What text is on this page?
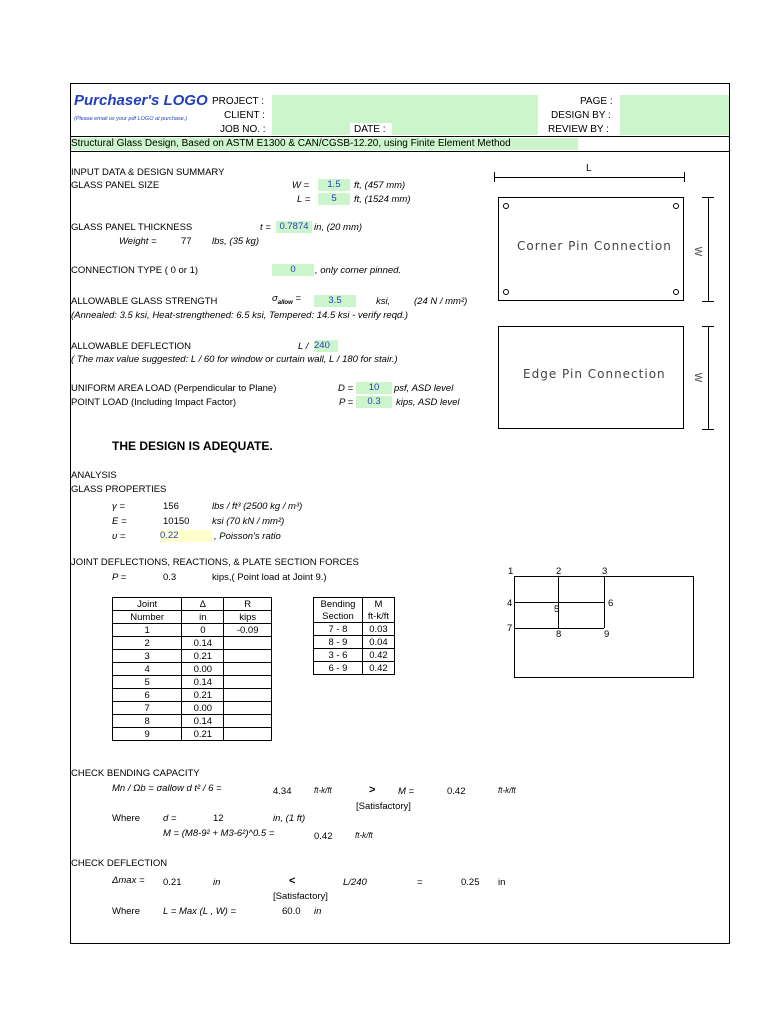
Purchaser's LOGO
(Please email us your pdf LOGO at purchase.)
PROJECT :
CLIENT :
JOB NO. :	DATE :
PAGE :
DESIGN BY :
REVIEW BY :
Structural Glass Design, Based on ASTM E1300 & CAN/CGSB-12.20, using Finite Element Method
INPUT DATA & DESIGN SUMMARY
GLASS PANEL SIZE	W =	1.5	ft, (457 mm)
L =	5	ft, (1524 mm)
GLASS PANEL THICKNESS	t = 0.7874 in, (20 mm)
Weight =	77 lbs, (35 kg)
CONNECTION TYPE ( 0 or 1)	0	, only corner pinned.
ALLOWABLE GLASS STRENGTH	$\sigma_{allow}$ =	3.5	ksi,	(24 N / mm²)
(Annealed: 3.5 ksi, Heat-strengthened: 6.5 ksi, Tempered: 14.5 ksi - verify reqd.)
ALLOWABLE DEFLECTION	L / 240
( The max value suggested: L / 60 for window or curtain wall, L / 180 for stair.)
UNIFORM AREA LOAD (Perpendicular to Plane)	D =	10	psf, ASD level
POINT LOAD (Including Impact Factor)	P =	0.3	kips, ASD level
THE DESIGN IS ADEQUATE.
L
Corner Pin Connection W
Edge Pin Connection	W
ANALYSIS
GLASS PROPERTIES
γ =	156	lbs / ft³ (2500 kg / m³)
E =	10150 ksi (70 kN / mm²)
υ =	0.22	, Poisson's ratio
JOINT DEFLECTIONS, REACTIONS, & PLATE SECTION FORCES
P =	0.3	kips,( Point load at Joint 9.)
Joint	Δ	R
Number	in	kips
1	0	-0.09
2	0.14	
3	0.21	
4	0.00	
5	0.14	
6	0.21	
7	0.00	
8	0.14	
9	0.21	
Bending	M
Section	ft-k/ft
7 - 8	0.03
8 - 9	0.04
3 - 6	0.42
6 - 9	0.42
1	2	3
4
5
6
7
8	9
CHECK BENDING CAPACITY
Mn / Ωb = σallow d t² / 6 =	4.34	ft-k/ft	> M =	0.42	ft-k/ft
[Satisfactory]
Where d =	12	in, (1 ft)
M = (M8-9² + M3-6²)^0.5 =	0.42	ft-k/ft
CHECK DEFLECTION
Δmax = 0.21	in	<	L/240	=	0.25 in
[Satisfactory]
Where L = Max (L , W) =	60.0 in
